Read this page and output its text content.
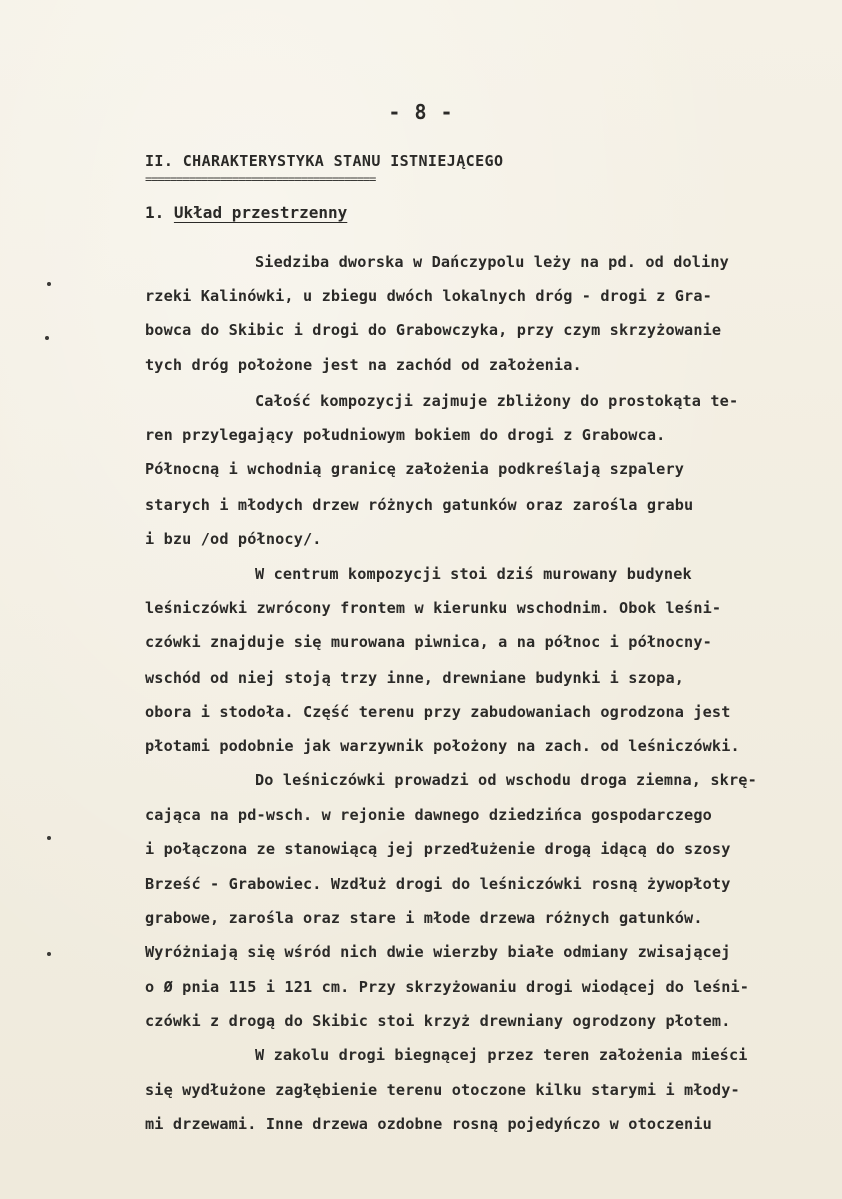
- 8 -
II. CHARAKTERYSTYKA STANU ISTNIEJĄCEGO
=====================================
1. Układ przestrzenny
Siedziba dworska w Dańczypolu leży na pd. od doliny
rzeki Kalinówki, u zbiegu dwóch lokalnych dróg - drogi z Gra-
bowca do Skibic i drogi do Grabowczyka, przy czym skrzyżowanie
tych dróg położone jest na zachód od założenia.
Całość kompozycji zajmuje zbliżony do prostokąta te-
ren przylegający południowym bokiem do drogi z Grabowca.
Północną i wchodnią granicę założenia podkreślają szpalery
starych i młodych drzew różnych gatunków oraz zarośla grabu
i bzu /od północy/.
W centrum kompozycji stoi dziś murowany budynek
leśniczówki zwrócony frontem w kierunku wschodnim. Obok leśni-
czówki znajduje się murowana piwnica, a na północ i północny-
wschód od niej stoją trzy inne, drewniane budynki i szopa,
obora i stodoła. Część terenu przy zabudowaniach ogrodzona jest
płotami podobnie jak warzywnik położony na zach. od leśniczówki.
Do leśniczówki prowadzi od wschodu droga ziemna, skrę-
cająca na pd-wsch. w rejonie dawnego dziedzińca gospodarczego
i połączona ze stanowiącą jej przedłużenie drogą idącą do szosy
Brześć - Grabowiec. Wzdłuż drogi do leśniczówki rosną żywopłoty
grabowe, zarośla oraz stare i młode drzewa różnych gatunków.
Wyróżniają się wśród nich dwie wierzby białe odmiany zwisającej
o Ø pnia 115 i 121 cm. Przy skrzyżowaniu drogi wiodącej do leśni-
czówki z drogą do Skibic stoi krzyż drewniany ogrodzony płotem.
W zakolu drogi biegnącej przez teren założenia mieści
się wydłużone zagłębienie terenu otoczone kilku starymi i młody-
mi drzewami. Inne drzewa ozdobne rosną pojedyńczo w otoczeniu
